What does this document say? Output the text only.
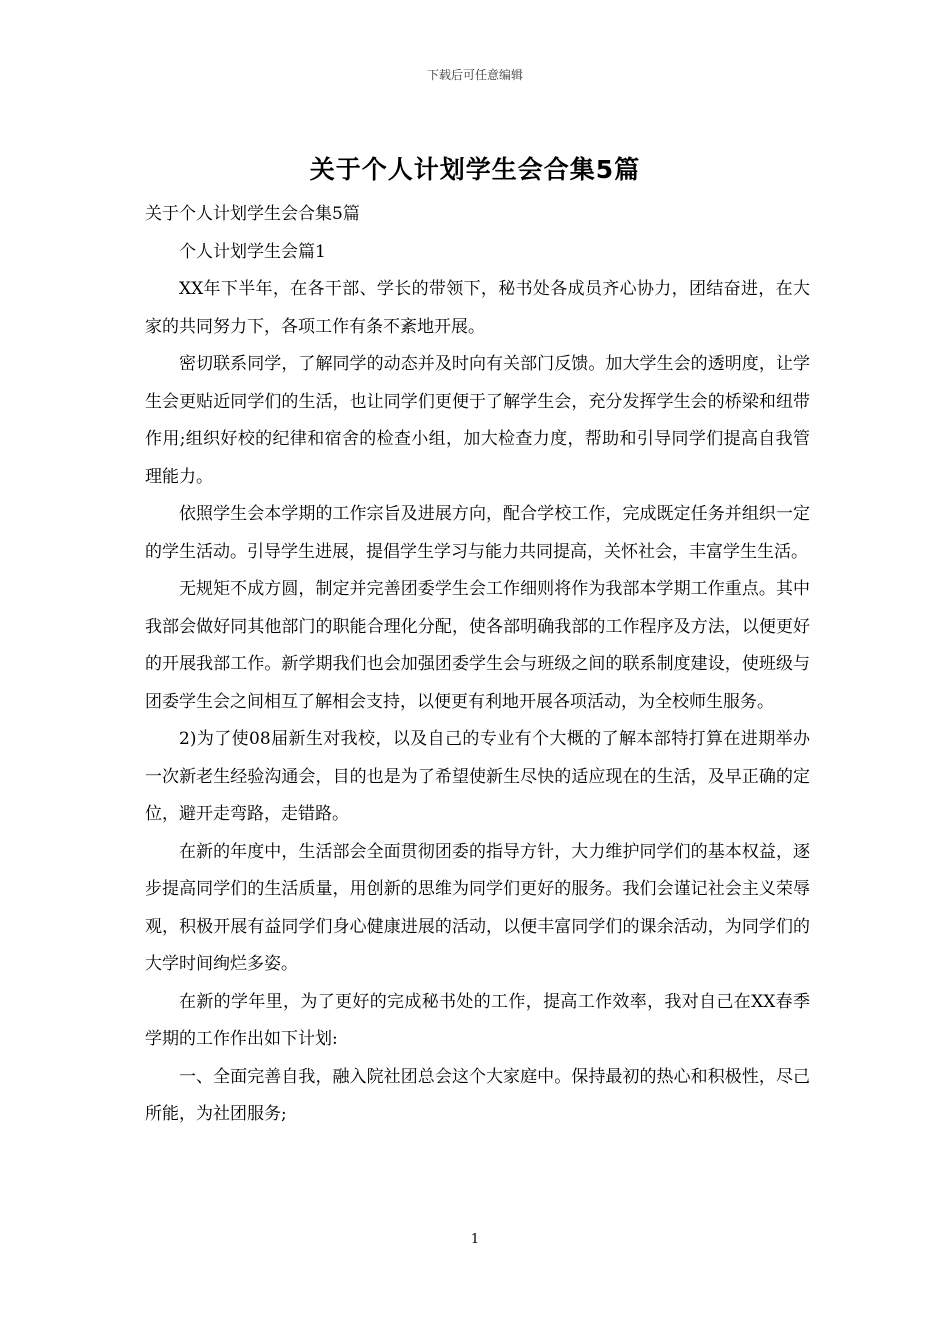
下载后可任意编辑
关于个人计划学生会合集5篇

关于个人计划学生会合集5篇

个人计划学生会篇1

XX年下半年，在各干部、学长的带领下，秘书处各成员齐心协力，团结奋进，在大家的共同努力下，各项工作有条不紊地开展。

密切联系同学，了解同学的动态并及时向有关部门反馈。加大学生会的透明度，让学生会更贴近同学们的生活，也让同学们更便于了解学生会，充分发挥学生会的桥梁和纽带作用;组织好校的纪律和宿舍的检查小组，加大检查力度，帮助和引导同学们提高自我管理能力。

依照学生会本学期的工作宗旨及进展方向，配合学校工作，完成既定任务并组织一定的学生活动。引导学生进展，提倡学生学习与能力共同提高，关怀社会，丰富学生生活。

无规矩不成方圆，制定并完善团委学生会工作细则将作为我部本学期工作重点。其中我部会做好同其他部门的职能合理化分配，使各部明确我部的工作程序及方法，以便更好的开展我部工作。新学期我们也会加强团委学生会与班级之间的联系制度建设，使班级与团委学生会之间相互了解相会支持，以便更有利地开展各项活动，为全校师生服务。

2)为了使08届新生对我校，以及自己的专业有个大概的了解本部特打算在进期举办一次新老生经验沟通会，目的也是为了希望使新生尽快的适应现在的生活，及早正确的定位，避开走弯路，走错路。

在新的年度中，生活部会全面贯彻团委的指导方针，大力维护同学们的基本权益，逐步提高同学们的生活质量，用创新的思维为同学们更好的服务。我们会谨记社会主义荣辱观，积极开展有益同学们身心健康进展的活动，以便丰富同学们的课余活动，为同学们的大学时间绚烂多姿。

在新的学年里，为了更好的完成秘书处的工作，提高工作效率，我对自己在XX春季学期的工作作出如下计划:

一、全面完善自我，融入院社团总会这个大家庭中。保持最初的热心和积极性，尽己所能，为社团服务;

1
